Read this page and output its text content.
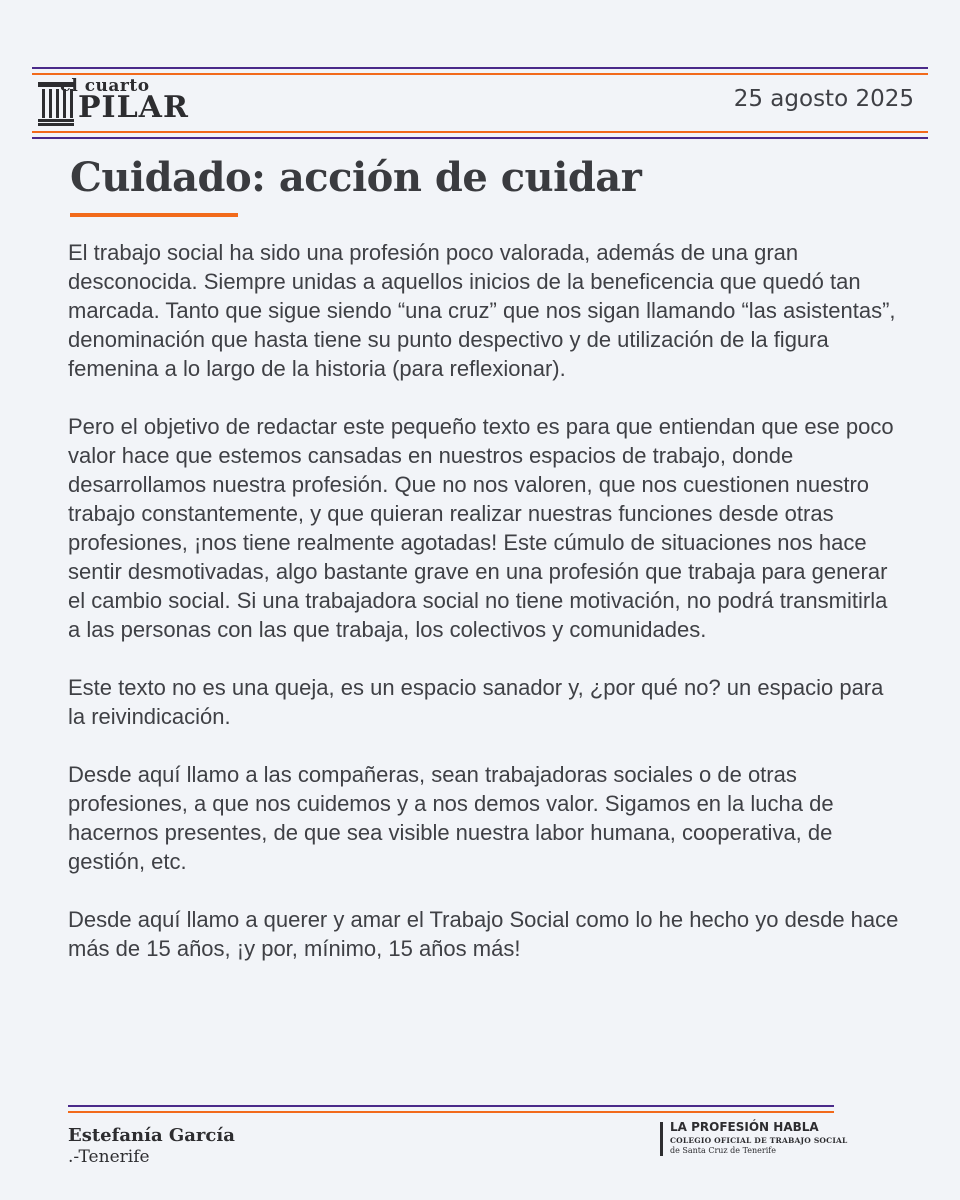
el cuarto
PILAR	25 agosto 2025
Cuidado: acción de cuidar

El trabajo social ha sido una profesión poco valorada, además de una gran desconocida. Siempre unidas a aquellos inicios de la beneficencia que quedó tan marcada. Tanto que sigue siendo “una cruz” que nos sigan llamando “las asistentas”, denominación que hasta tiene su punto despectivo y de utilización de la figura femenina a lo largo de la historia (para reflexionar).

Pero el objetivo de redactar este pequeño texto es para que entiendan que ese poco valor hace que estemos cansadas en nuestros espacios de trabajo, donde desarrollamos nuestra profesión. Que no nos valoren, que nos cuestionen nuestro trabajo constantemente, y que quieran realizar nuestras funciones desde otras profesiones, ¡nos tiene realmente agotadas! Este cúmulo de situaciones nos hace sentir desmotivadas, algo bastante grave en una profesión que trabaja para generar el cambio social. Si una trabajadora social no tiene motivación, no podrá transmitirla a las personas con las que trabaja, los colectivos y comunidades.

Este texto no es una queja, es un espacio sanador y, ¿por qué no? un espacio para la reivindicación.

Desde aquí llamo a las compañeras, sean trabajadoras sociales o de otras profesiones, a que nos cuidemos y a nos demos valor. Sigamos en la lucha de hacernos presentes, de que sea visible nuestra labor humana, cooperativa, de gestión, etc.

Desde aquí llamo a querer y amar el Trabajo Social como lo he hecho yo desde hace más de 15 años, ¡y por, mínimo, 15 años más!

Estefanía García
.-Tenerife
LA PROFESIÓN HABLA
COLEGIO OFICIAL DE TRABAJO SOCIAL
de Santa Cruz de Tenerife
